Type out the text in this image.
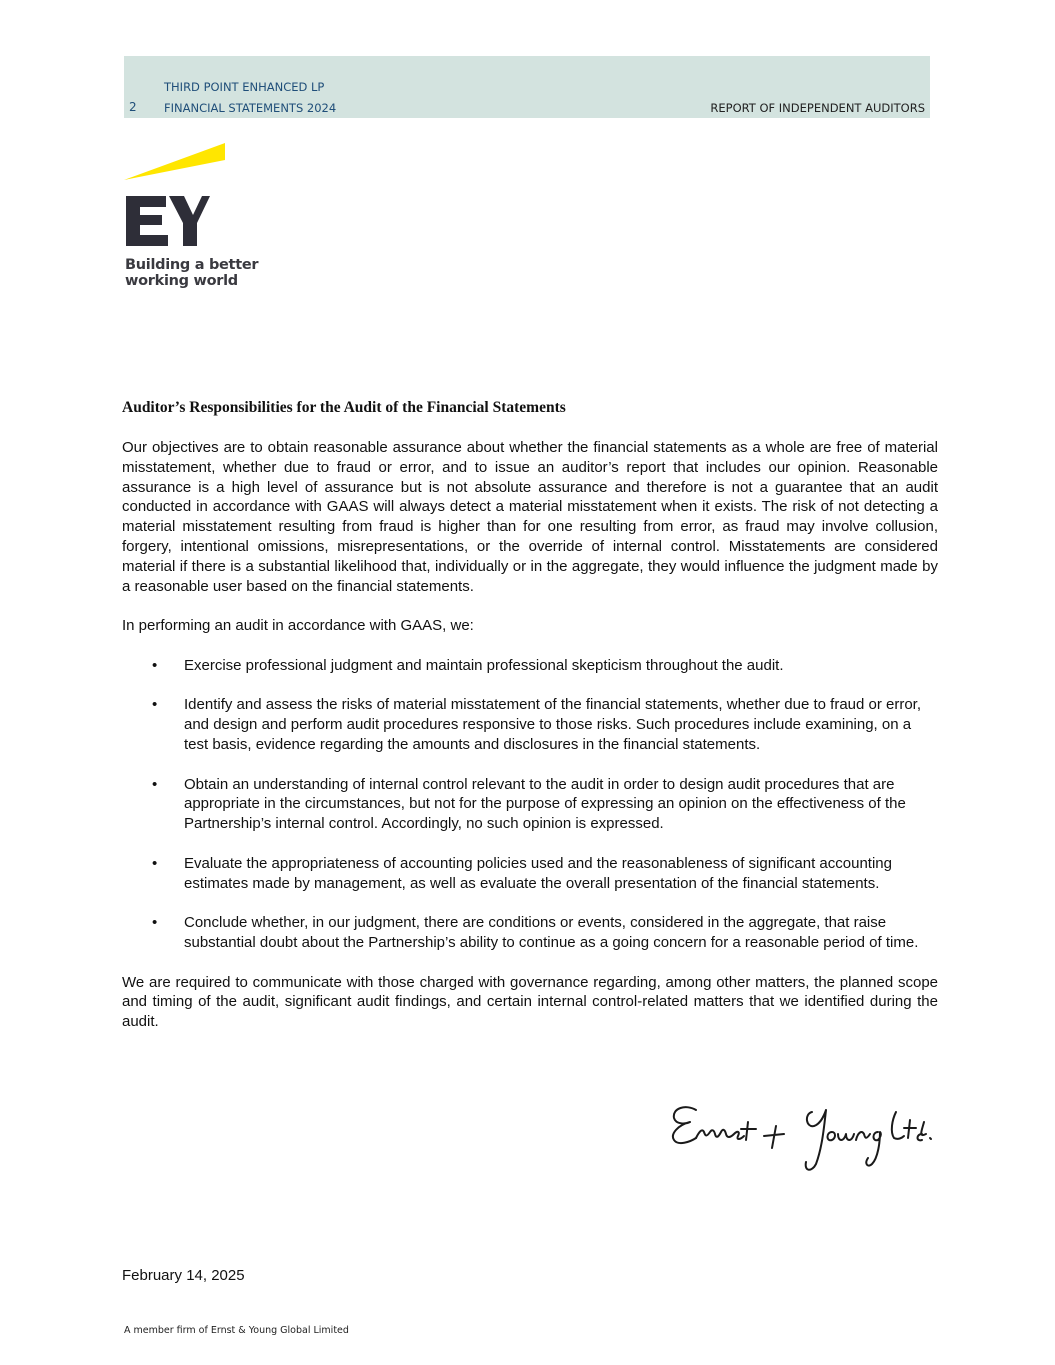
2
THIRD POINT ENHANCED LP
FINANCIAL STATEMENTS 2024	REPORT OF INDEPENDENT AUDITORS
Building a better
working world
Auditor’s Responsibilities for the Audit of the Financial Statements

Our objectives are to obtain reasonable assurance about whether the financial statements as a whole are free of material misstatement, whether due to fraud or error, and to issue an auditor’s report that includes our opinion. Reasonable assurance is a high level of assurance but is not absolute assurance and therefore is not a guarantee that an audit conducted in accordance with GAAS will always detect a material misstatement when it exists. The risk of not detecting a material misstatement resulting from fraud is higher than for one resulting from error, as fraud may involve collusion, forgery, intentional omissions, misrepresentations, or the override of internal control. Misstatements are considered material if there is a substantial likelihood that, individually or in the aggregate, they would influence the judgment made by a reasonable user based on the financial statements.

In performing an audit in accordance with GAAS, we:

• Exercise professional judgment and maintain professional skepticism throughout the audit.
• Identify and assess the risks of material misstatement of the financial statements, whether due to fraud or error, and design and perform audit procedures responsive to those risks. Such procedures include examining, on a test basis, evidence regarding the amounts and disclosures in the financial statements.
• Obtain an understanding of internal control relevant to the audit in order to design audit procedures that are appropriate in the circumstances, but not for the purpose of expressing an opinion on the effectiveness of the Partnership’s internal control. Accordingly, no such opinion is expressed.
• Evaluate the appropriateness of accounting policies used and the reasonableness of significant accounting estimates made by management, as well as evaluate the overall presentation of the financial statements.
• Conclude whether, in our judgment, there are conditions or events, considered in the aggregate, that raise substantial doubt about the Partnership’s ability to continue as a going concern for a reasonable period of time.

We are required to communicate with those charged with governance regarding, among other matters, the planned scope and timing of the audit, significant audit findings, and certain internal control-related matters that we identified during the audit.

February 14, 2025
A member firm of Ernst & Young Global Limited
